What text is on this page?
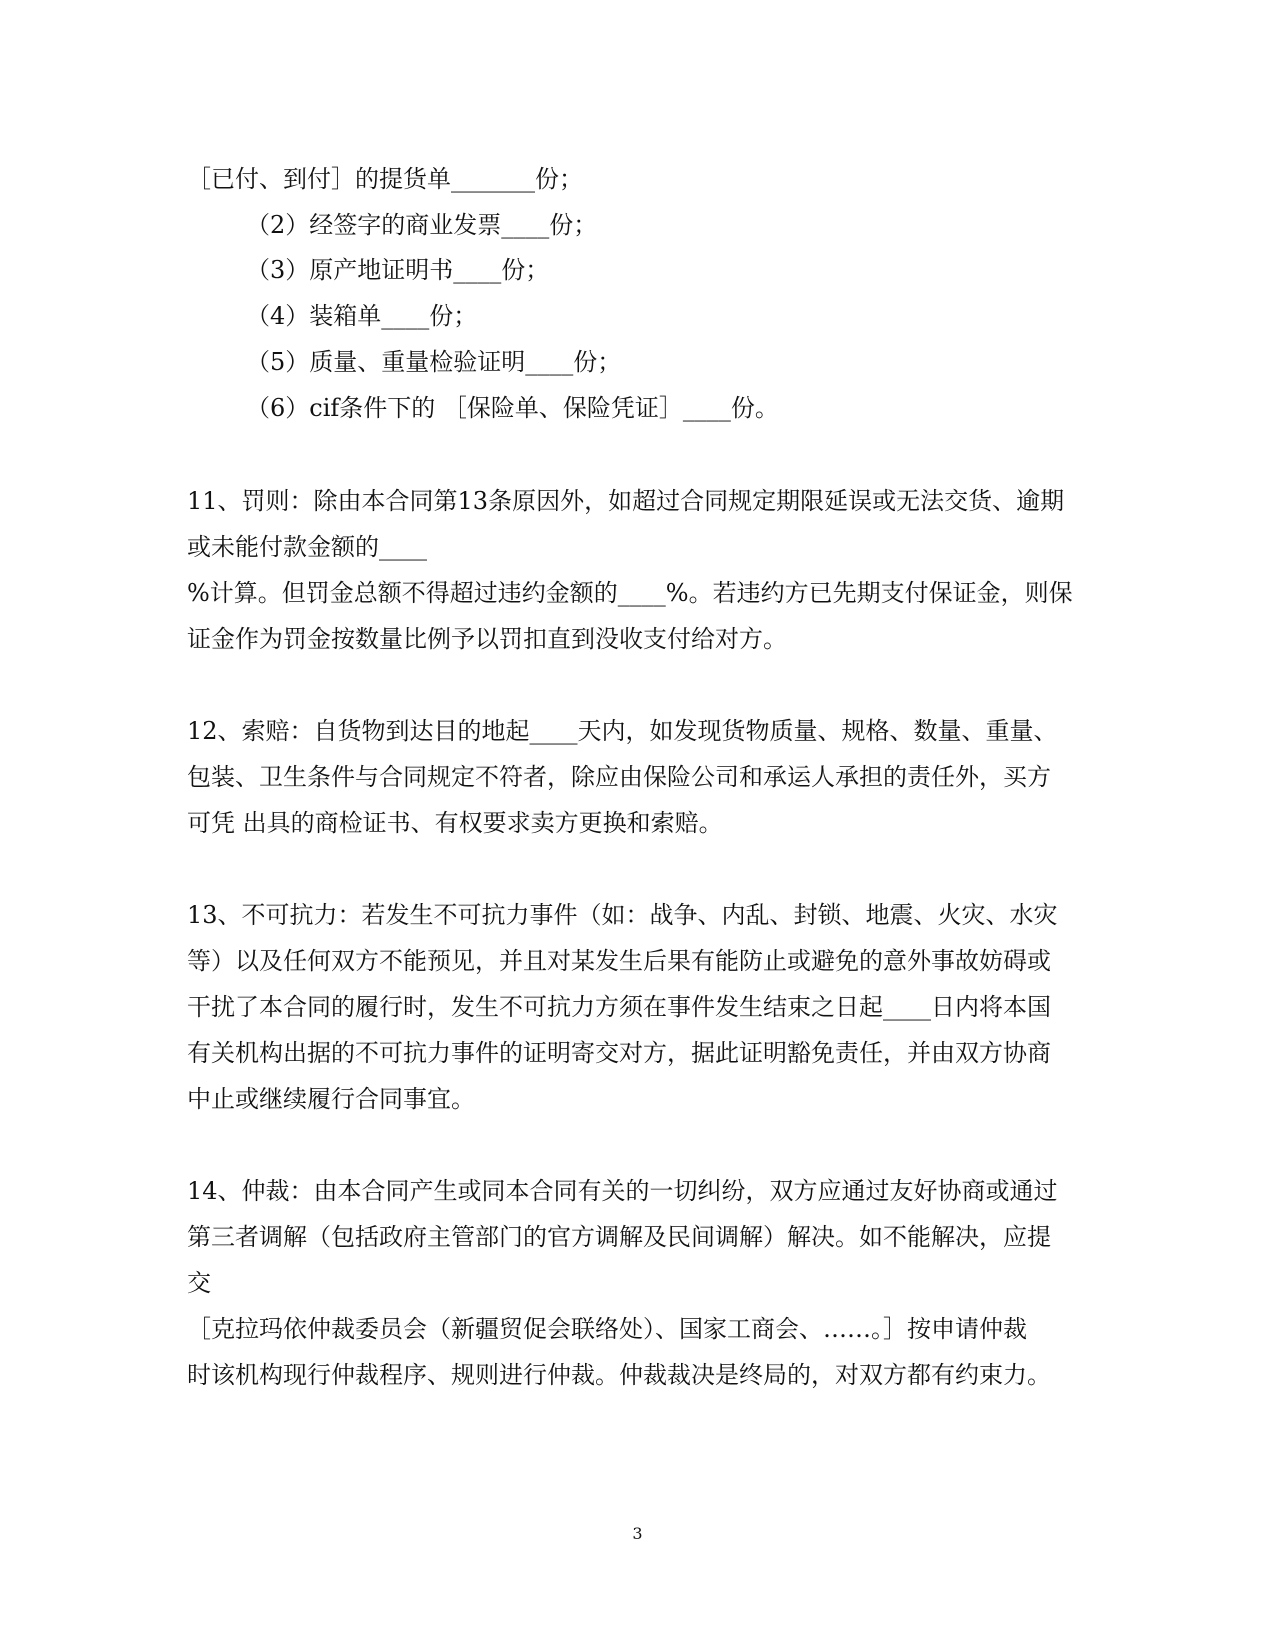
［已付、到付］的提货单_______份；
（2）经签字的商业发票____份；
（3）原产地证明书____份；
（4）装箱单____份；
（5）质量、重量检验证明____份；
（6）cif条件下的 ［保险单、保险凭证］____份。
11、罚则：除由本合同第13条原因外，如超过合同规定期限延误或无法交货、逾期
或未能付款金额的____
%计算。但罚金总额不得超过违约金额的____%。若违约方已先期支付保证金，则保
证金作为罚金按数量比例予以罚扣直到没收支付给对方。
12、索赔：自货物到达目的地起____天内，如发现货物质量、规格、数量、重量、
包装、卫生条件与合同规定不符者，除应由保险公司和承运人承担的责任外，买方
可凭 出具的商检证书、有权要求卖方更换和索赔。
13、不可抗力：若发生不可抗力事件（如：战争、内乱、封锁、地震、火灾、水灾
等）以及任何双方不能预见，并且对某发生后果有能防止或避免的意外事故妨碍或
干扰了本合同的履行时，发生不可抗力方须在事件发生结束之日起____日内将本国
有关机构出据的不可抗力事件的证明寄交对方，据此证明豁免责任，并由双方协商
中止或继续履行合同事宜。
14、仲裁：由本合同产生或同本合同有关的一切纠纷，双方应通过友好协商或通过
第三者调解（包括政府主管部门的官方调解及民间调解）解决。如不能解决，应提
交
［克拉玛依仲裁委员会（新疆贸促会联络处）、国家工商会、……。］按申请仲裁
时该机构现行仲裁程序、规则进行仲裁。仲裁裁决是终局的，对双方都有约束力。
3
